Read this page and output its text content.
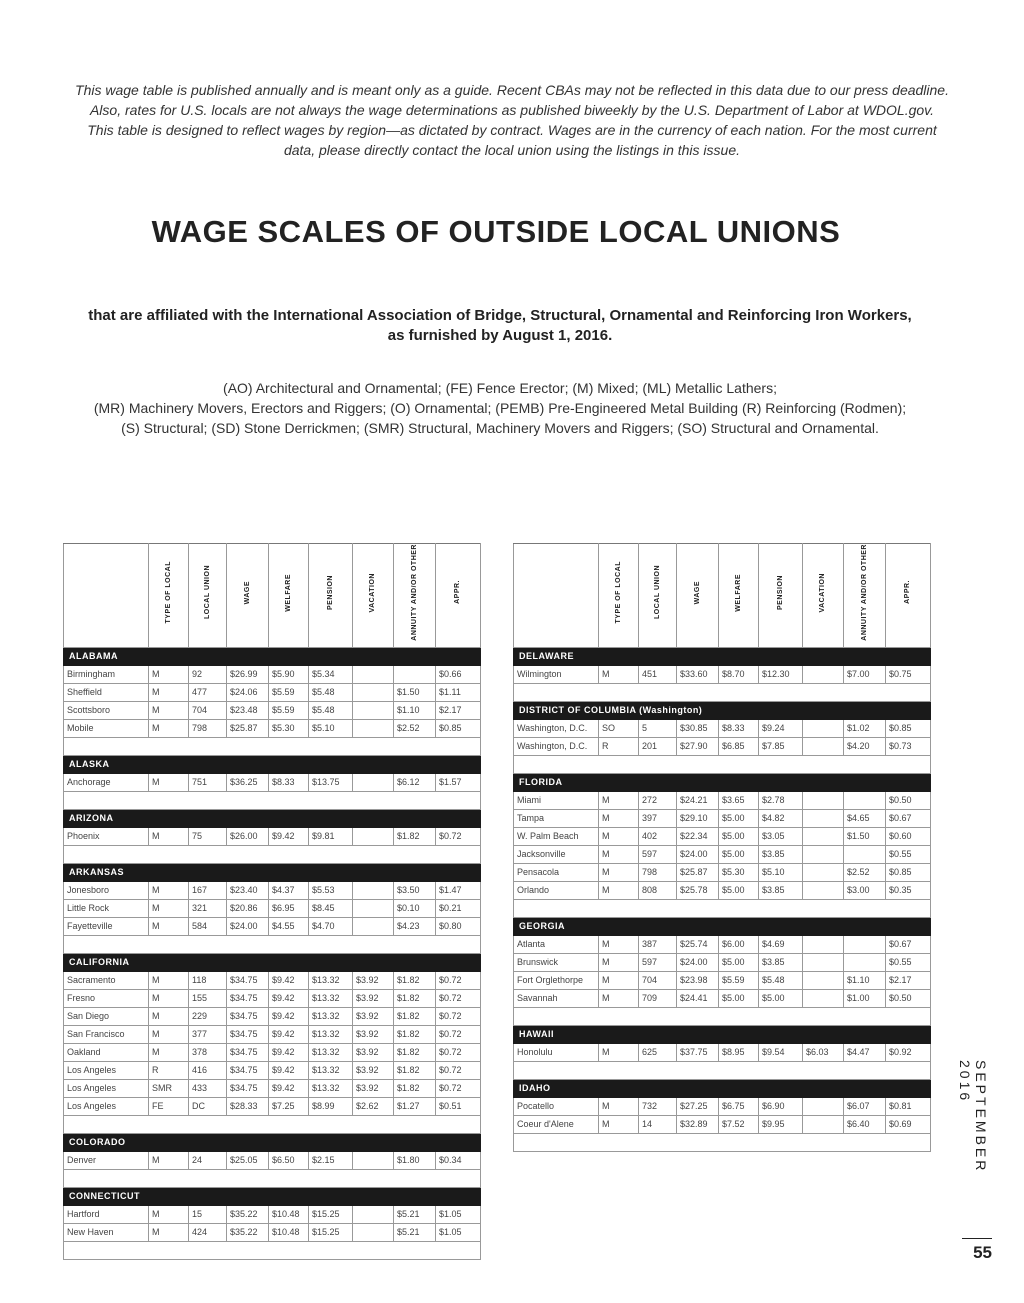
This wage table is published annually and is meant only as a guide. Recent CBAs may not be reflected in this data due to our press deadline.
Also, rates for U.S. locals are not always the wage determinations as published biweekly by the U.S. Department of Labor at WDOL.gov.
This table is designed to reflect wages by region—as dictated by contract. Wages are in the currency of each nation. For the most current
data, please directly contact the local union using the listings in this issue.
WAGE SCALES OF OUTSIDE LOCAL UNIONS
that are affiliated with the International Association of Bridge, Structural, Ornamental and Reinforcing Iron Workers,
as furnished by August 1, 2016.
(AO) Architectural and Ornamental; (FE) Fence Erector; (M) Mixed; (ML) Metallic Lathers;
(MR) Machinery Movers, Erectors and Riggers; (O) Ornamental; (PEMB) Pre-Engineered Metal Building (R) Reinforcing (Rodmen);
(S) Structural; (SD) Stone Derrickmen; (SMR) Structural, Machinery Movers and Riggers; (SO) Structural and Ornamental.
	TYPE OF LOCAL	LOCAL UNION	WAGE	WELFARE	PENSION	VACATION	ANNUITY AND/OR OTHER	APPR.
ALABAMA								
Birmingham	M	92	$26.99	$5.90	$5.34			$0.66
Sheffield	M	477	$24.06	$5.59	$5.48		$1.50	$1.11
Scottsboro	M	704	$23.48	$5.59	$5.48		$1.10	$2.17
Mobile	M	798	$25.87	$5.30	$5.10		$2.52	$0.85

ALASKA								
Anchorage	M	751	$36.25	$8.33	$13.75		$6.12	$1.57

ARIZONA								
Phoenix	M	75	$26.00	$9.42	$9.81		$1.82	$0.72

ARKANSAS								
Jonesboro	M	167	$23.40	$4.37	$5.53		$3.50	$1.47
Little Rock	M	321	$20.86	$6.95	$8.45		$0.10	$0.21
Fayetteville	M	584	$24.00	$4.55	$4.70		$4.23	$0.80

CALIFORNIA								
Sacramento	M	118	$34.75	$9.42	$13.32	$3.92	$1.82	$0.72
Fresno	M	155	$34.75	$9.42	$13.32	$3.92	$1.82	$0.72
San Diego	M	229	$34.75	$9.42	$13.32	$3.92	$1.82	$0.72
San Francisco	M	377	$34.75	$9.42	$13.32	$3.92	$1.82	$0.72
Oakland	M	378	$34.75	$9.42	$13.32	$3.92	$1.82	$0.72
Los Angeles	R	416	$34.75	$9.42	$13.32	$3.92	$1.82	$0.72
Los Angeles	SMR	433	$34.75	$9.42	$13.32	$3.92	$1.82	$0.72
Los Angeles	FE	DC	$28.33	$7.25	$8.99	$2.62	$1.27	$0.51

COLORADO								
Denver	M	24	$25.05	$6.50	$2.15		$1.80	$0.34

CONNECTICUT								
Hartford	M	15	$35.22	$10.48	$15.25		$5.21	$1.05
New Haven	M	424	$35.22	$10.48	$15.25		$5.21	$1.05

	TYPE OF LOCAL	LOCAL UNION	WAGE	WELFARE	PENSION	VACATION	ANNUITY AND/OR OTHER	APPR.
DELAWARE								
Wilmington	M	451	$33.60	$8.70	$12.30		$7.00	$0.75

DISTRICT OF COLUMBIA (Washington)								
Washington, D.C.	SO	5	$30.85	$8.33	$9.24		$1.02	$0.85
Washington, D.C.	R	201	$27.90	$6.85	$7.85		$4.20	$0.73

FLORIDA								
Miami	M	272	$24.21	$3.65	$2.78			$0.50
Tampa	M	397	$29.10	$5.00	$4.82		$4.65	$0.67
W. Palm Beach	M	402	$22.34	$5.00	$3.05		$1.50	$0.60
Jacksonville	M	597	$24.00	$5.00	$3.85			$0.55
Pensacola	M	798	$25.87	$5.30	$5.10		$2.52	$0.85
Orlando	M	808	$25.78	$5.00	$3.85		$3.00	$0.35

GEORGIA								
Atlanta	M	387	$25.74	$6.00	$4.69			$0.67
Brunswick	M	597	$24.00	$5.00	$3.85			$0.55
Fort Orglethorpe	M	704	$23.98	$5.59	$5.48		$1.10	$2.17
Savannah	M	709	$24.41	$5.00	$5.00		$1.00	$0.50

HAWAII								
Honolulu	M	625	$37.75	$8.95	$9.54	$6.03	$4.47	$0.92

IDAHO								
Pocatello	M	732	$27.25	$6.75	$6.90		$6.07	$0.81
Coeur d'Alene	M	14	$32.89	$7.52	$9.95		$6.40	$0.69
									SEPTEMBER 2016
55
